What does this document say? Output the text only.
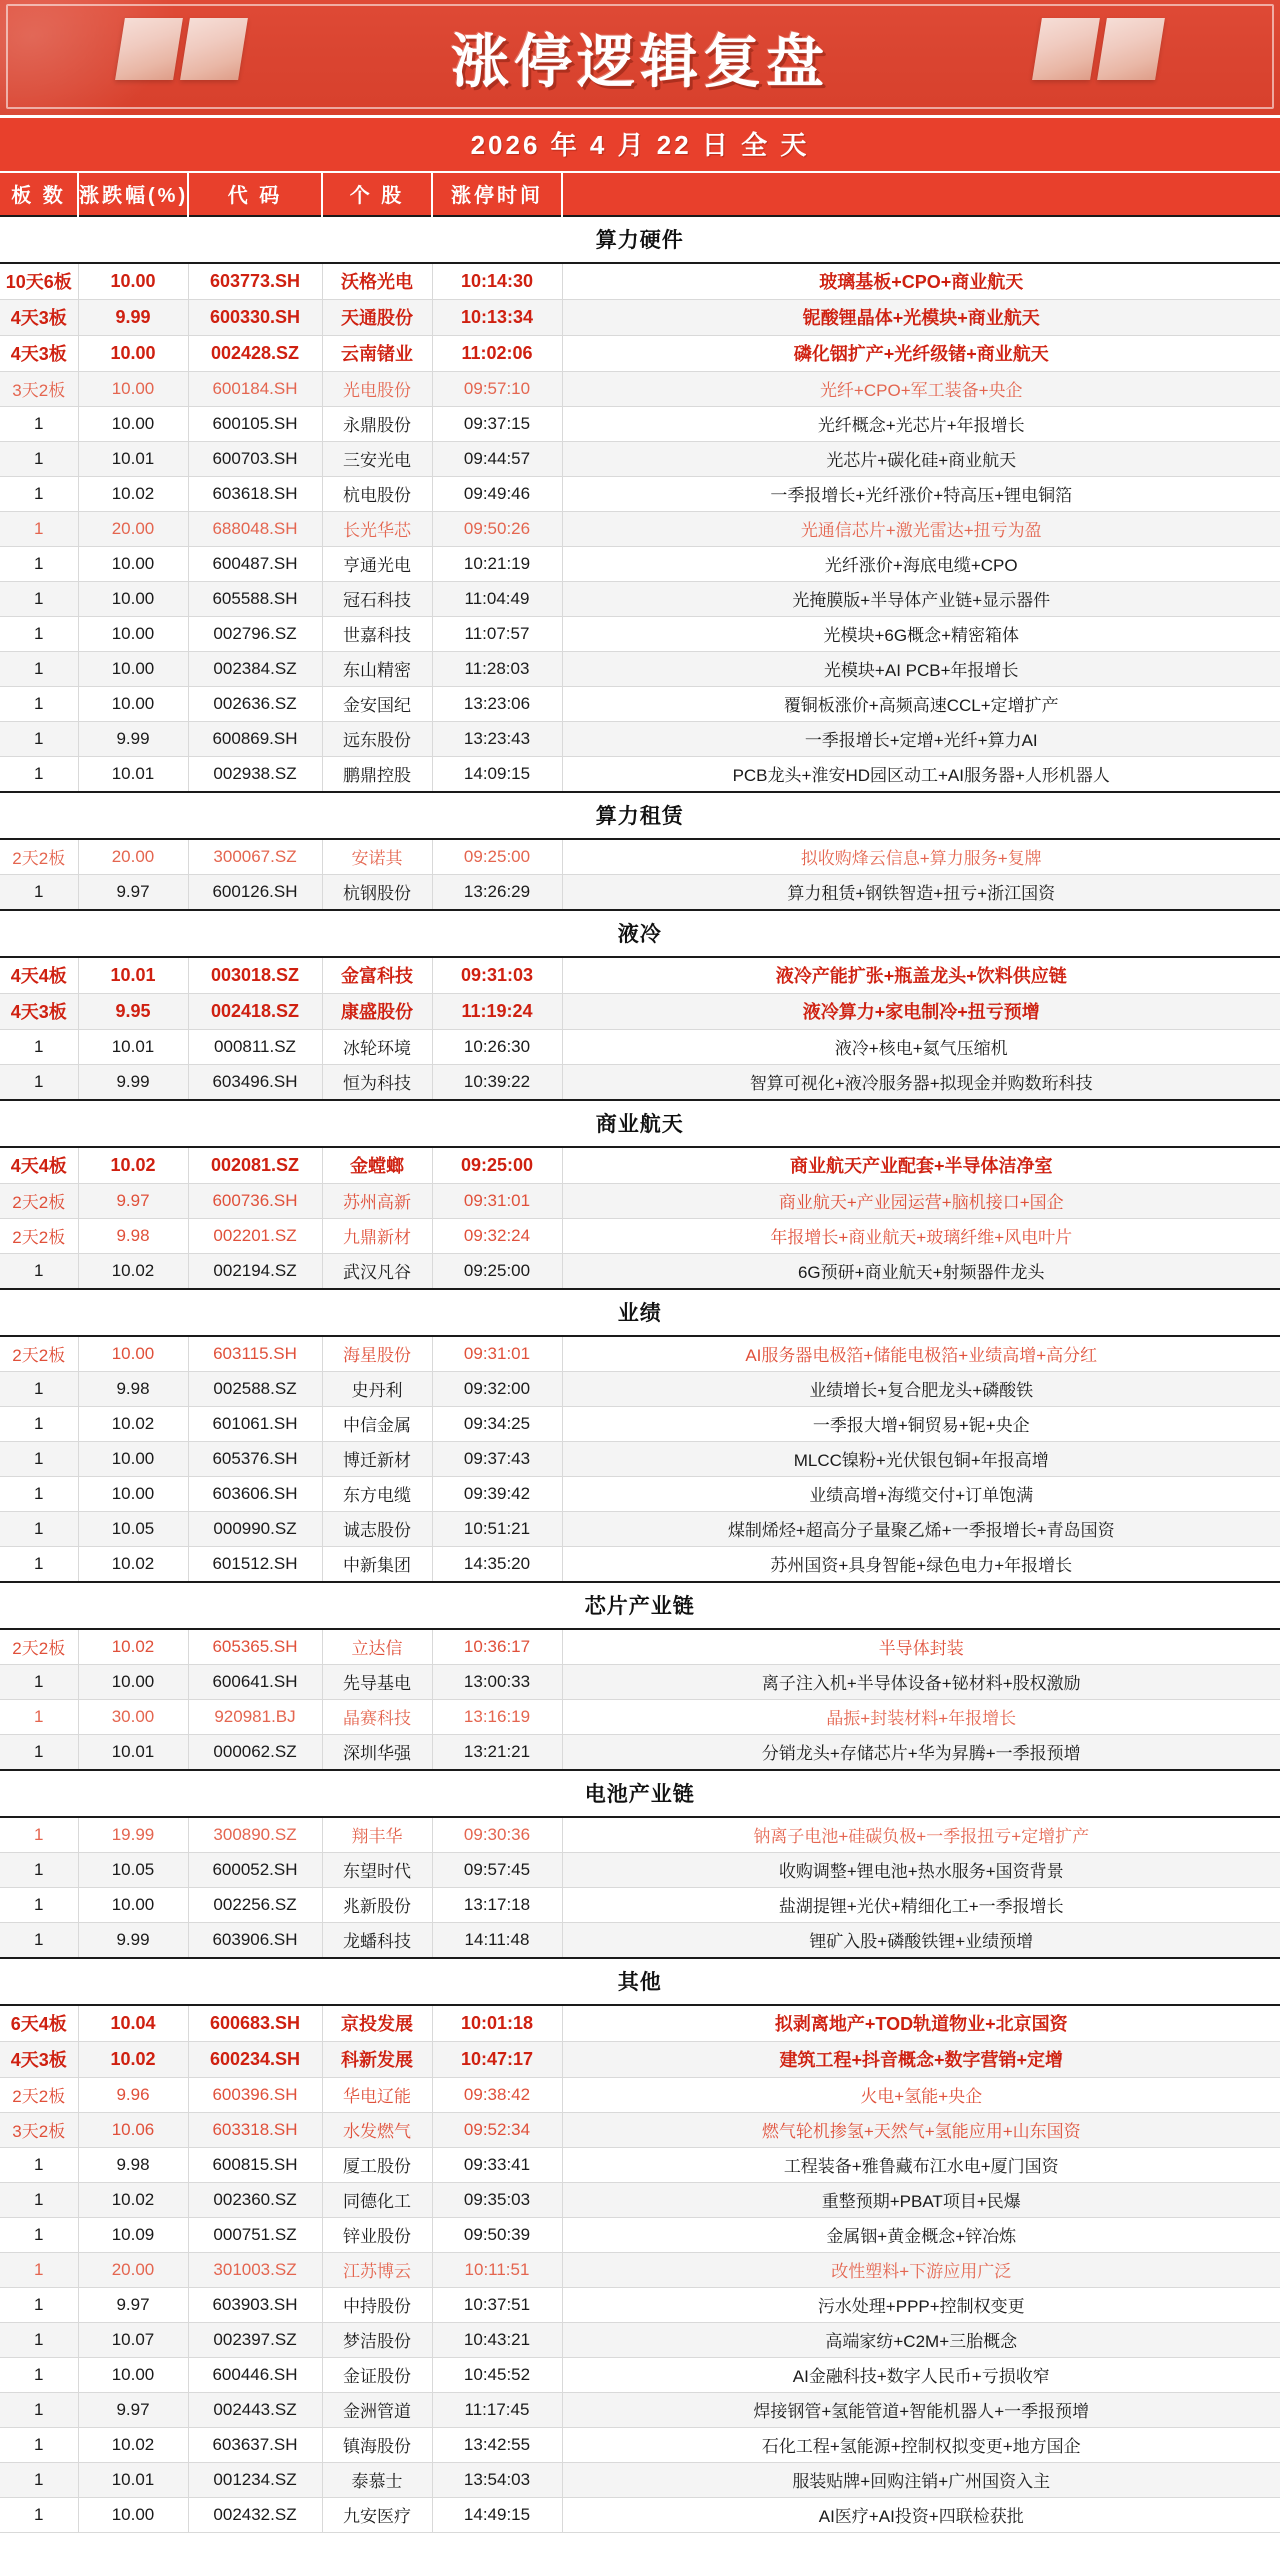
涨停逻辑复盘
2026 年 4 月 22 日 全 天
板 数	涨跌幅(%)	代 码	个 股	涨停时间	
算力硬件					
10天6板	10.00	603773.SH	沃格光电	10:14:30	玻璃基板+CPO+商业航天
4天3板	9.99	600330.SH	天通股份	10:13:34	铌酸锂晶体+光模块+商业航天
4天3板	10.00	002428.SZ	云南锗业	11:02:06	磷化铟扩产+光纤级锗+商业航天
3天2板	10.00	600184.SH	光电股份	09:57:10	光纤+CPO+军工装备+央企
1	10.00	600105.SH	永鼎股份	09:37:15	光纤概念+光芯片+年报增长
1	10.01	600703.SH	三安光电	09:44:57	光芯片+碳化硅+商业航天
1	10.02	603618.SH	杭电股份	09:49:46	一季报增长+光纤涨价+特高压+锂电铜箔
1	20.00	688048.SH	长光华芯	09:50:26	光通信芯片+激光雷达+扭亏为盈
1	10.00	600487.SH	亨通光电	10:21:19	光纤涨价+海底电缆+CPO
1	10.00	605588.SH	冠石科技	11:04:49	光掩膜版+半导体产业链+显示器件
1	10.00	002796.SZ	世嘉科技	11:07:57	光模块+6G概念+精密箱体
1	10.00	002384.SZ	东山精密	11:28:03	光模块+AI PCB+年报增长
1	10.00	002636.SZ	金安国纪	13:23:06	覆铜板涨价+高频高速CCL+定增扩产
1	9.99	600869.SH	远东股份	13:23:43	一季报增长+定增+光纤+算力AI
1	10.01	002938.SZ	鹏鼎控股	14:09:15	PCB龙头+淮安HD园区动工+AI服务器+人形机器人
算力租赁					
2天2板	20.00	300067.SZ	安诺其	09:25:00	拟收购烽云信息+算力服务+复牌
1	9.97	600126.SH	杭钢股份	13:26:29	算力租赁+钢铁智造+扭亏+浙江国资
液冷					
4天4板	10.01	003018.SZ	金富科技	09:31:03	液冷产能扩张+瓶盖龙头+饮料供应链
4天3板	9.95	002418.SZ	康盛股份	11:19:24	液冷算力+家电制冷+扭亏预增
1	10.01	000811.SZ	冰轮环境	10:26:30	液冷+核电+氦气压缩机
1	9.99	603496.SH	恒为科技	10:39:22	智算可视化+液冷服务器+拟现金并购数珩科技
商业航天					
4天4板	10.02	002081.SZ	金螳螂	09:25:00	商业航天产业配套+半导体洁净室
2天2板	9.97	600736.SH	苏州高新	09:31:01	商业航天+产业园运营+脑机接口+国企
2天2板	9.98	002201.SZ	九鼎新材	09:32:24	年报增长+商业航天+玻璃纤维+风电叶片
1	10.02	002194.SZ	武汉凡谷	09:25:00	6G预研+商业航天+射频器件龙头
业绩					
2天2板	10.00	603115.SH	海星股份	09:31:01	AI服务器电极箔+储能电极箔+业绩高增+高分红
1	9.98	002588.SZ	史丹利	09:32:00	业绩增长+复合肥龙头+磷酸铁
1	10.02	601061.SH	中信金属	09:34:25	一季报大增+铜贸易+铌+央企
1	10.00	605376.SH	博迁新材	09:37:43	MLCC镍粉+光伏银包铜+年报高增
1	10.00	603606.SH	东方电缆	09:39:42	业绩高增+海缆交付+订单饱满
1	10.05	000990.SZ	诚志股份	10:51:21	煤制烯烃+超高分子量聚乙烯+一季报增长+青岛国资
1	10.02	601512.SH	中新集团	14:35:20	苏州国资+具身智能+绿色电力+年报增长
芯片产业链					
2天2板	10.02	605365.SH	立达信	10:36:17	半导体封装
1	10.00	600641.SH	先导基电	13:00:33	离子注入机+半导体设备+铋材料+股权激励
1	30.00	920981.BJ	晶赛科技	13:16:19	晶振+封装材料+年报增长
1	10.01	000062.SZ	深圳华强	13:21:21	分销龙头+存储芯片+华为昇腾+一季报预增
电池产业链					
1	19.99	300890.SZ	翔丰华	09:30:36	钠离子电池+硅碳负极+一季报扭亏+定增扩产
1	10.05	600052.SH	东望时代	09:57:45	收购调整+锂电池+热水服务+国资背景
1	10.00	002256.SZ	兆新股份	13:17:18	盐湖提锂+光伏+精细化工+一季报增长
1	9.99	603906.SH	龙蟠科技	14:11:48	锂矿入股+磷酸铁锂+业绩预增
其他					
6天4板	10.04	600683.SH	京投发展	10:01:18	拟剥离地产+TOD轨道物业+北京国资
4天3板	10.02	600234.SH	科新发展	10:47:17	建筑工程+抖音概念+数字营销+定增
2天2板	9.96	600396.SH	华电辽能	09:38:42	火电+氢能+央企
3天2板	10.06	603318.SH	水发燃气	09:52:34	燃气轮机掺氢+天然气+氢能应用+山东国资
1	9.98	600815.SH	厦工股份	09:33:41	工程装备+雅鲁藏布江水电+厦门国资
1	10.02	002360.SZ	同德化工	09:35:03	重整预期+PBAT项目+民爆
1	10.09	000751.SZ	锌业股份	09:50:39	金属铟+黄金概念+锌冶炼
1	20.00	301003.SZ	江苏博云	10:11:51	改性塑料+下游应用广泛
1	9.97	603903.SH	中持股份	10:37:51	污水处理+PPP+控制权变更
1	10.07	002397.SZ	梦洁股份	10:43:21	高端家纺+C2M+三胎概念
1	10.00	600446.SH	金证股份	10:45:52	AI金融科技+数字人民币+亏损收窄
1	9.97	002443.SZ	金洲管道	11:17:45	焊接钢管+氢能管道+智能机器人+一季报预增
1	10.02	603637.SH	镇海股份	13:42:55	石化工程+氢能源+控制权拟变更+地方国企
1	10.01	001234.SZ	泰慕士	13:54:03	服装贴牌+回购注销+广州国资入主
1	10.00	002432.SZ	九安医疗	14:49:15	AI医疗+AI投资+四联检获批
